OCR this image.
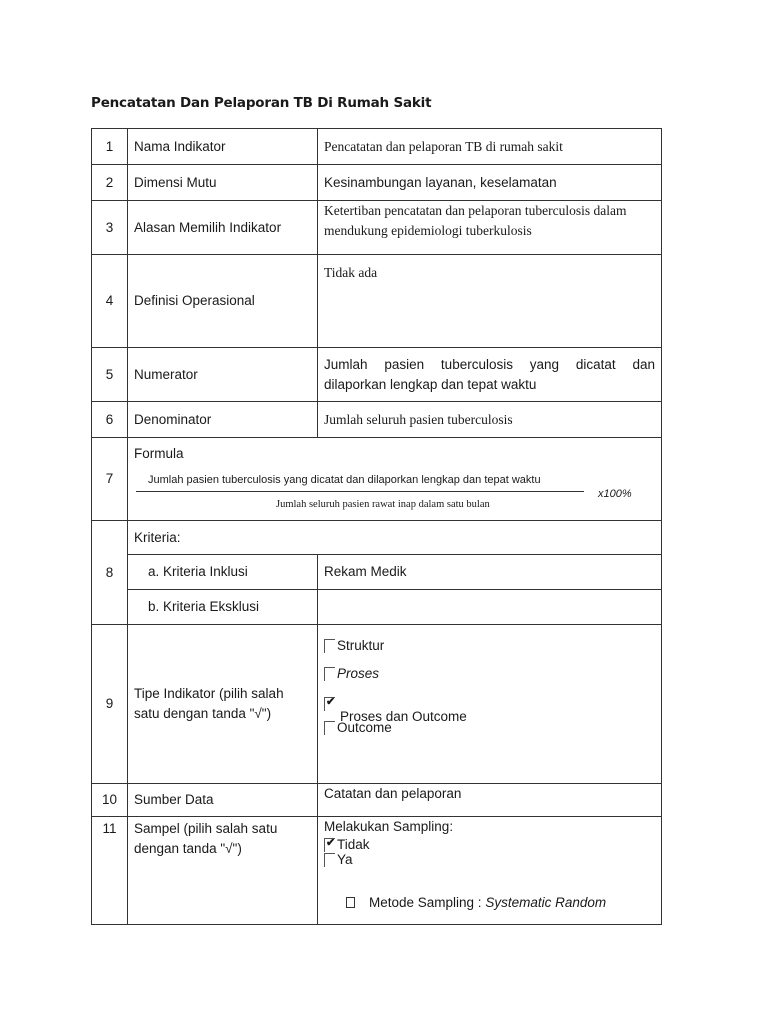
Pencatatan Dan Pelaporan TB Di Rumah Sakit
1	Nama Indikator	Pencatatan dan pelaporan TB di rumah sakit
2	Dimensi Mutu	Kesinambungan layanan, keselamatan
3	Alasan Memilih Indikator	Ketertiban pencatatan dan pelaporan tuberculosis dalam mendukung epidemiologi tuberkulosis
4	Definisi Operasional	Tidak ada
5	Numerator	Jumlah pasien tuberculosis yang dicatat dan dilaporkan lengkap dan tepat waktu
6	Denominator	Jumlah seluruh pasien tuberculosis
7	Formula
Jumlah pasien tuberculosis yang dicatat dan dilaporkan lengkap dan tepat waktu
Jumlah seluruh pasien rawat inap dalam satu bulan
x100%	

8	Kriteria:	
	a. Kriteria Inklusi	Rekam Medik
	b. Kriteria Eksklusi	
9	Tipe Indikator (pilih salah satu dengan tanda "√")	Struktur
Proses
✔
Proses dan Outcome
Outcome

10	Sumber Data	Catatan dan pelaporan
11	Sampel (pilih salah satu dengan tanda "√")	Melakukan Sampling:
✔ Tidak
Ya
Metode Sampling : Systematic Random
